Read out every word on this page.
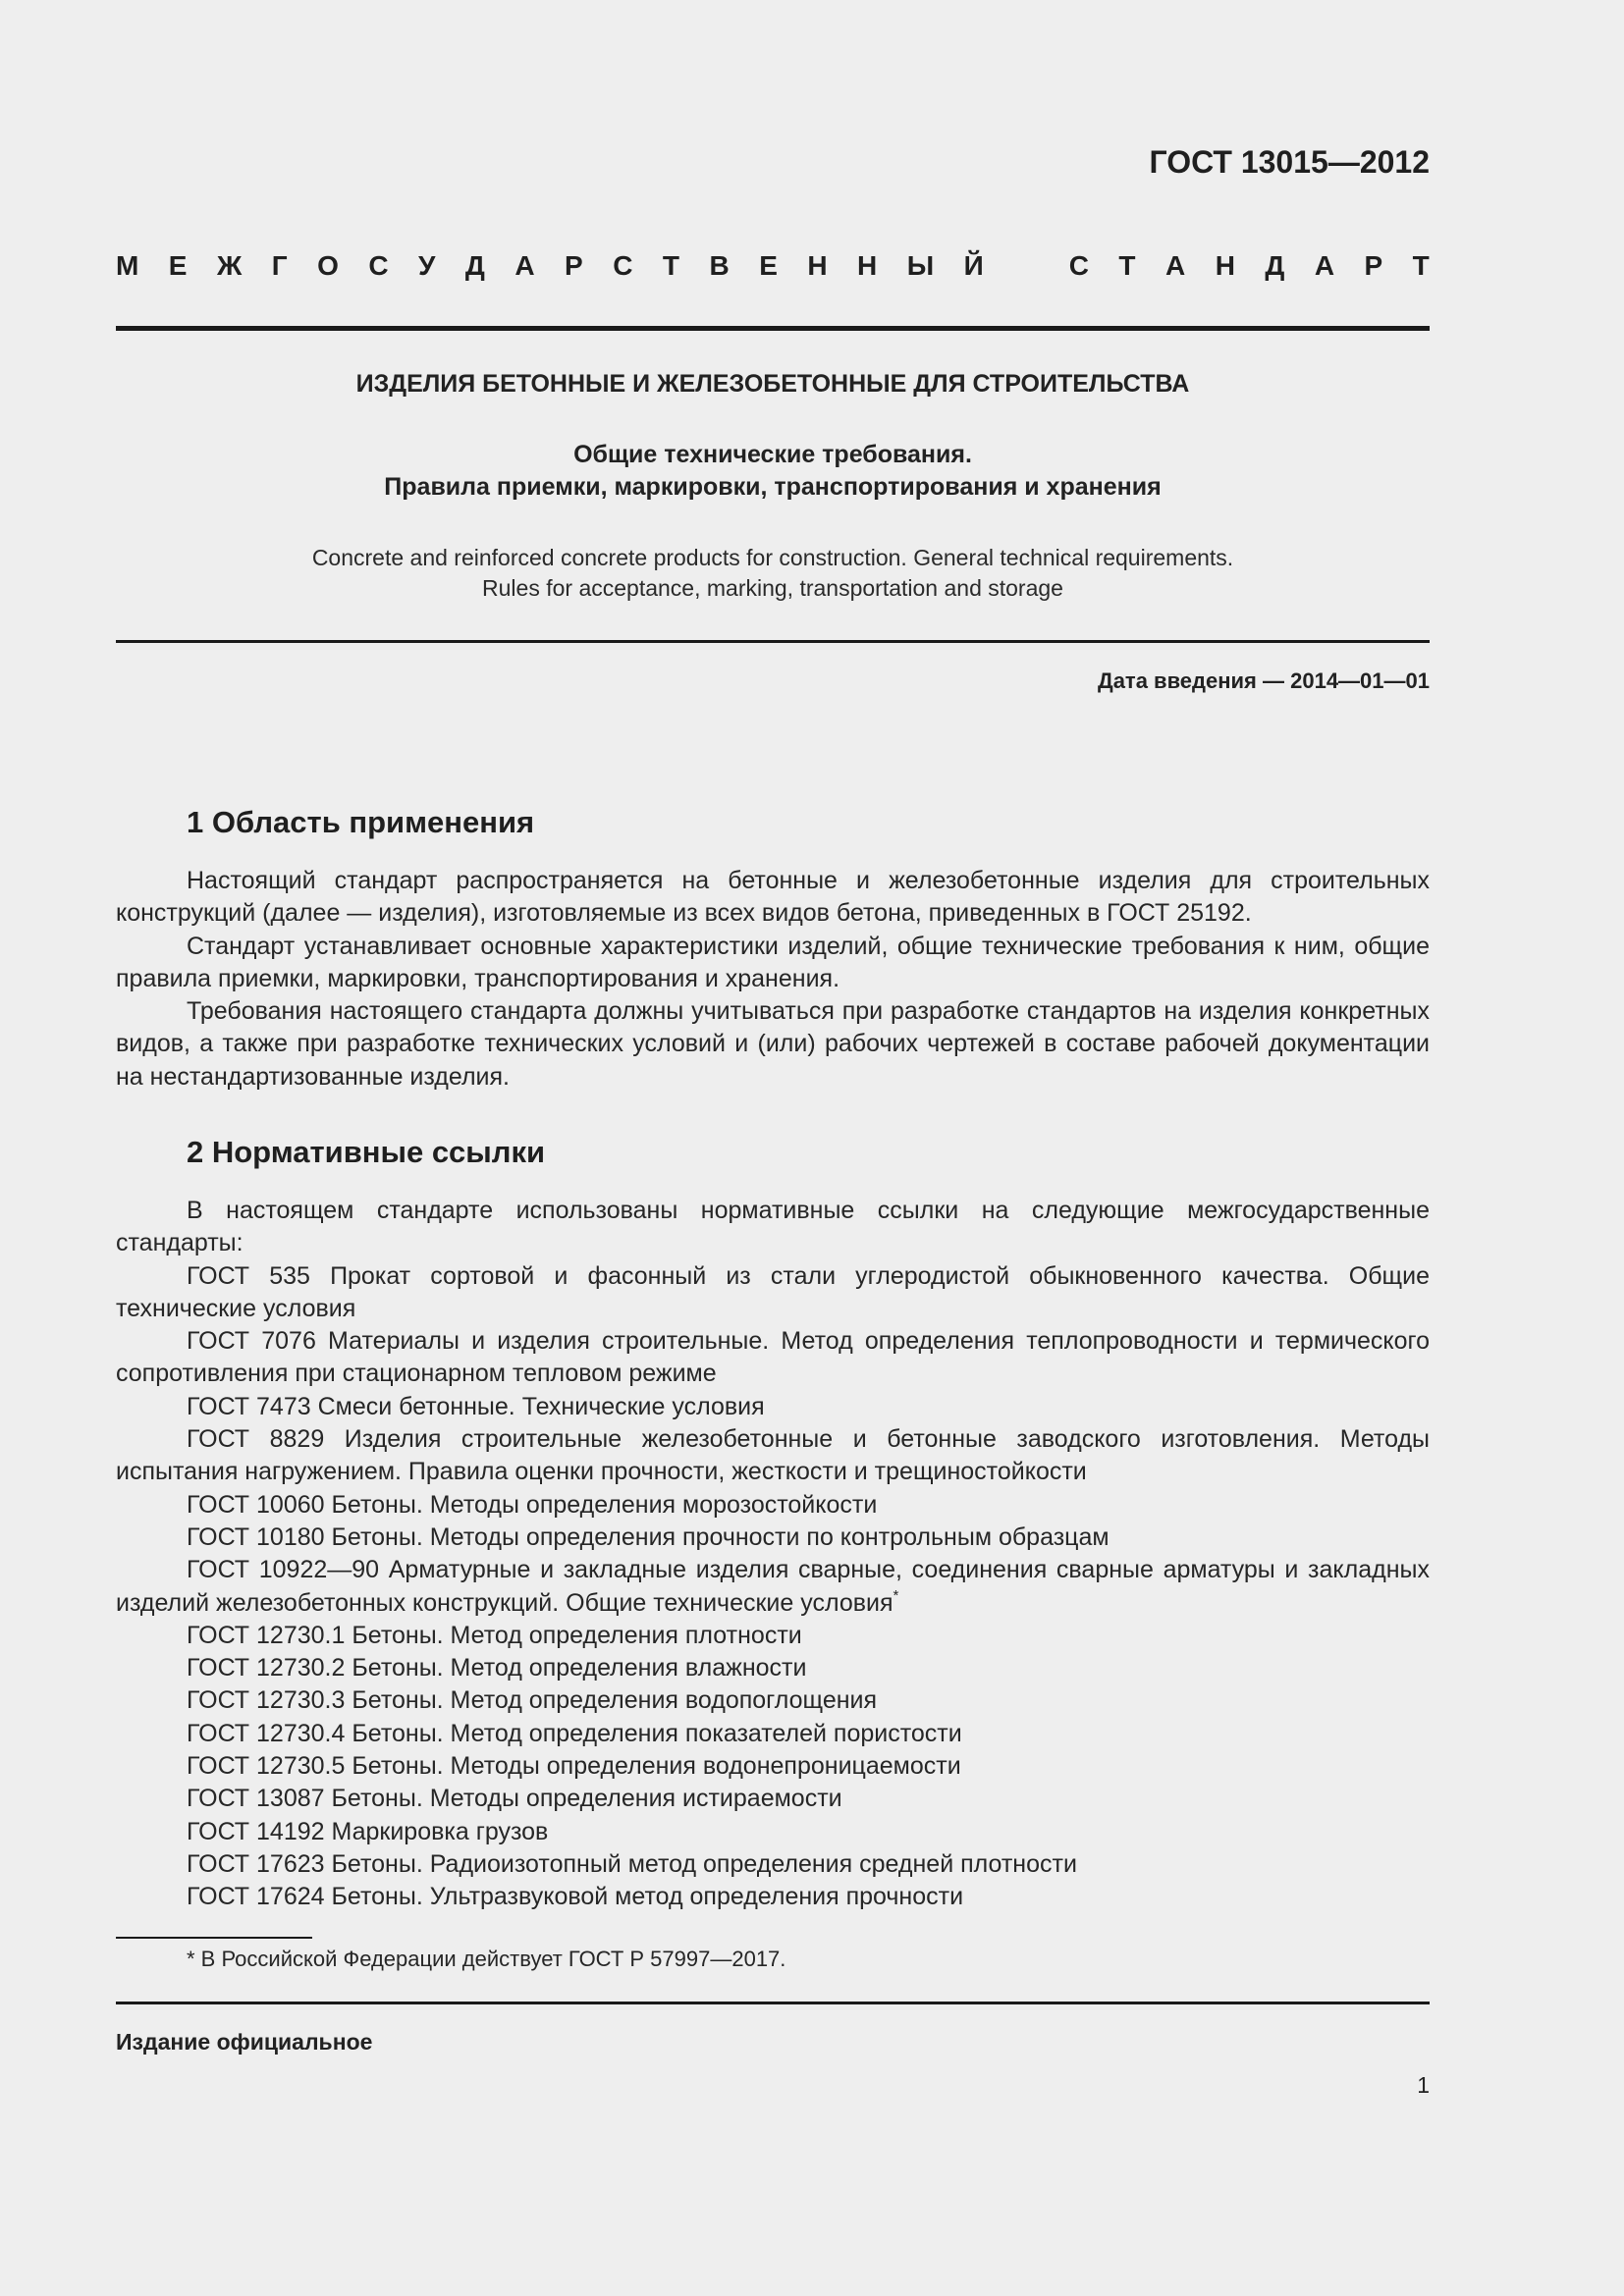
ГОСТ 13015—2012
М Е Ж Г О С У Д А Р С Т В Е Н Н Ы Й	С Т А Н Д А Р Т
ИЗДЕЛИЯ БЕТОННЫЕ И ЖЕЛЕЗОБЕТОННЫЕ ДЛЯ СТРОИТЕЛЬСТВА
Общие технические требования.
Правила приемки, маркировки, транспортирования и хранения
Concrete and reinforced concrete products for construction. General technical requirements.
Rules for acceptance, marking, transportation and storage
Дата введения — 2014—01—01
1 Область применения

Настоящий стандарт распространяется на бетонные и железобетонные изделия для строительных конструкций (далее — изделия), изготовляемые из всех видов бетона, приведенных в ГОСТ 25192.

Стандарт устанавливает основные характеристики изделий, общие технические требования к ним, общие правила приемки, маркировки, транспортирования и хранения.

Требования настоящего стандарта должны учитываться при разработке стандартов на изделия конкретных видов, а также при разработке технических условий и (или) рабочих чертежей в составе рабочей документации на нестандартизованные изделия.

2 Нормативные ссылки

В настоящем стандарте использованы нормативные ссылки на следующие межгосударственные стандарты:

ГОСТ 535 Прокат сортовой и фасонный из стали углеродистой обыкновенного качества. Общие технические условия

ГОСТ 7076 Материалы и изделия строительные. Метод определения теплопроводности и термического сопротивления при стационарном тепловом режиме

ГОСТ 7473 Смеси бетонные. Технические условия

ГОСТ 8829 Изделия строительные железобетонные и бетонные заводского изготовления. Методы испытания нагружением. Правила оценки прочности, жесткости и трещиностойкости

ГОСТ 10060 Бетоны. Методы определения морозостойкости

ГОСТ 10180 Бетоны. Методы определения прочности по контрольным образцам

ГОСТ 10922—90 Арматурные и закладные изделия сварные, соединения сварные арматуры и закладных изделий железобетонных конструкций. Общие технические условия*

ГОСТ 12730.1 Бетоны. Метод определения плотности

ГОСТ 12730.2 Бетоны. Метод определения влажности

ГОСТ 12730.3 Бетоны. Метод определения водопоглощения

ГОСТ 12730.4 Бетоны. Метод определения показателей пористости

ГОСТ 12730.5 Бетоны. Методы определения водонепроницаемости

ГОСТ 13087 Бетоны. Методы определения истираемости

ГОСТ 14192 Маркировка грузов

ГОСТ 17623 Бетоны. Радиоизотопный метод определения средней плотности

ГОСТ 17624 Бетоны. Ультразвуковой метод определения прочности

* В Российской Федерации действует ГОСТ Р 57997—2017.
Издание официальное
1
